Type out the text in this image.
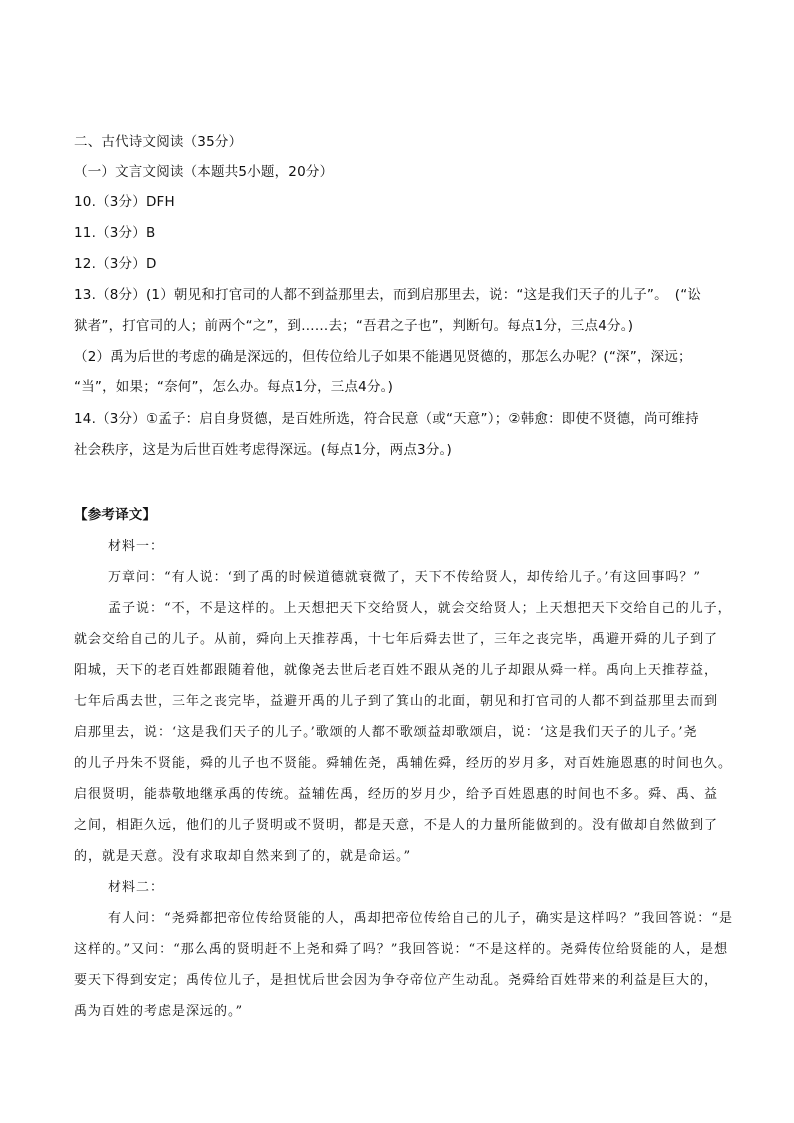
二、古代诗文阅读（35分）

（一）文言文阅读（本题共5小题，20分）

10.（3分）DFH

11.（3分）B

12.（3分）D

13.（8分）(1）朝见和打官司的人都不到益那里去，而到启那里去，说：“这是我们天子的儿子”。　(“讼

狱者”，打官司的人；前两个“之”，到……去；“吾君之子也”，判断句。每点1分，三点4分。)

（2）禹为后世的考虑的确是深远的，但传位给儿子如果不能遇见贤德的，那怎么办呢？(“深”，深远；

“当”，如果；“奈何”，怎么办。每点1分，三点4分。)

14.（3分）①孟子：启自身贤德，是百姓所选，符合民意（或“天意”）；②韩愈：即使不贤德，尚可维持

社会秩序，这是为后世百姓考虑得深远。(每点1分，两点3分。)

【参考译文】

材料一：

万章问：“有人说：‘到了禹的时候道德就衰微了，天下不传给贤人，却传给儿子。’有这回事吗？”

孟子说：“不，不是这样的。上天想把天下交给贤人，就会交给贤人；上天想把天下交给自己的儿子，

就会交给自己的儿子。从前，舜向上天推荐禹，十七年后舜去世了，三年之丧完毕，禹避开舜的儿子到了

阳城，天下的老百姓都跟随着他，就像尧去世后老百姓不跟从尧的儿子却跟从舜一样。禹向上天推荐益，

七年后禹去世，三年之丧完毕，益避开禹的儿子到了箕山的北面，朝见和打官司的人都不到益那里去而到

启那里去，说：‘这是我们天子的儿子。’歌颂的人都不歌颂益却歌颂启，说：‘这是我们天子的儿子。’尧

的儿子丹朱不贤能，舜的儿子也不贤能。舜辅佐尧，禹辅佐舜，经历的岁月多，对百姓施恩惠的时间也久。

启很贤明，能恭敬地继承禹的传统。益辅佐禹，经历的岁月少，给予百姓恩惠的时间也不多。舜、禹、益

之间，相距久远，他们的儿子贤明或不贤明，都是天意，不是人的力量所能做到的。没有做却自然做到了

的，就是天意。没有求取却自然来到了的，就是命运。”

材料二：

有人问：“尧舜都把帝位传给贤能的人，禹却把帝位传给自己的儿子，确实是这样吗？”我回答说：“是

这样的。”又问：“那么禹的贤明赶不上尧和舜了吗？”我回答说：“不是这样的。尧舜传位给贤能的人，是想

要天下得到安定；禹传位儿子，是担忧后世会因为争夺帝位产生动乱。尧舜给百姓带来的利益是巨大的，

禹为百姓的考虑是深远的。”
